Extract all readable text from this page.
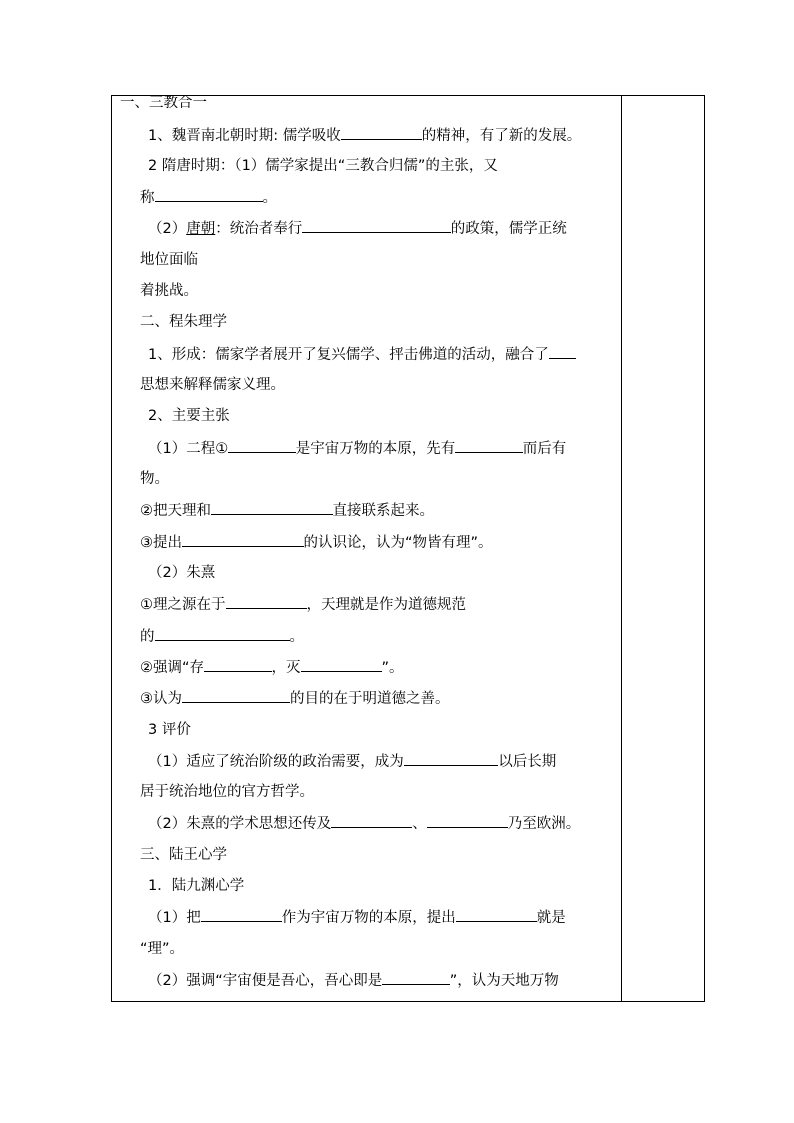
一、三教合一
1、魏晋南北朝时期: 儒学吸收	的精神，有了新的发展。
2 隋唐时期：（1）儒学家提出“三教合归儒”的主张，又
称	。
（2）唐朝：统治者奉行	的政策，儒学正统
地位面临
着挑战。
二、程朱理学
1、形成：儒家学者展开了复兴儒学、抨击佛道的活动，融合了
思想来解释儒家义理。
2、主要主张
（1）二程①	是宇宙万物的本原，先有	而后有
物。
②把天理和	直接联系起来。
③提出	的认识论，认为“物皆有理”。
（2）朱熹
①理之源在于	，天理就是作为道德规范
的	。
②强调“存	，灭	”。
③认为	的目的在于明道德之善。
3 评价
（1）适应了统治阶级的政治需要，成为	以后长期
居于统治地位的官方哲学。
（2）朱熹的学术思想还传及	、	乃至欧洲。
三、陆王心学
1．陆九渊心学
（1）把	作为宇宙万物的本原，提出	就是
“理”。
（2）强调“宇宙便是吾心，吾心即是	”，认为天地万物
